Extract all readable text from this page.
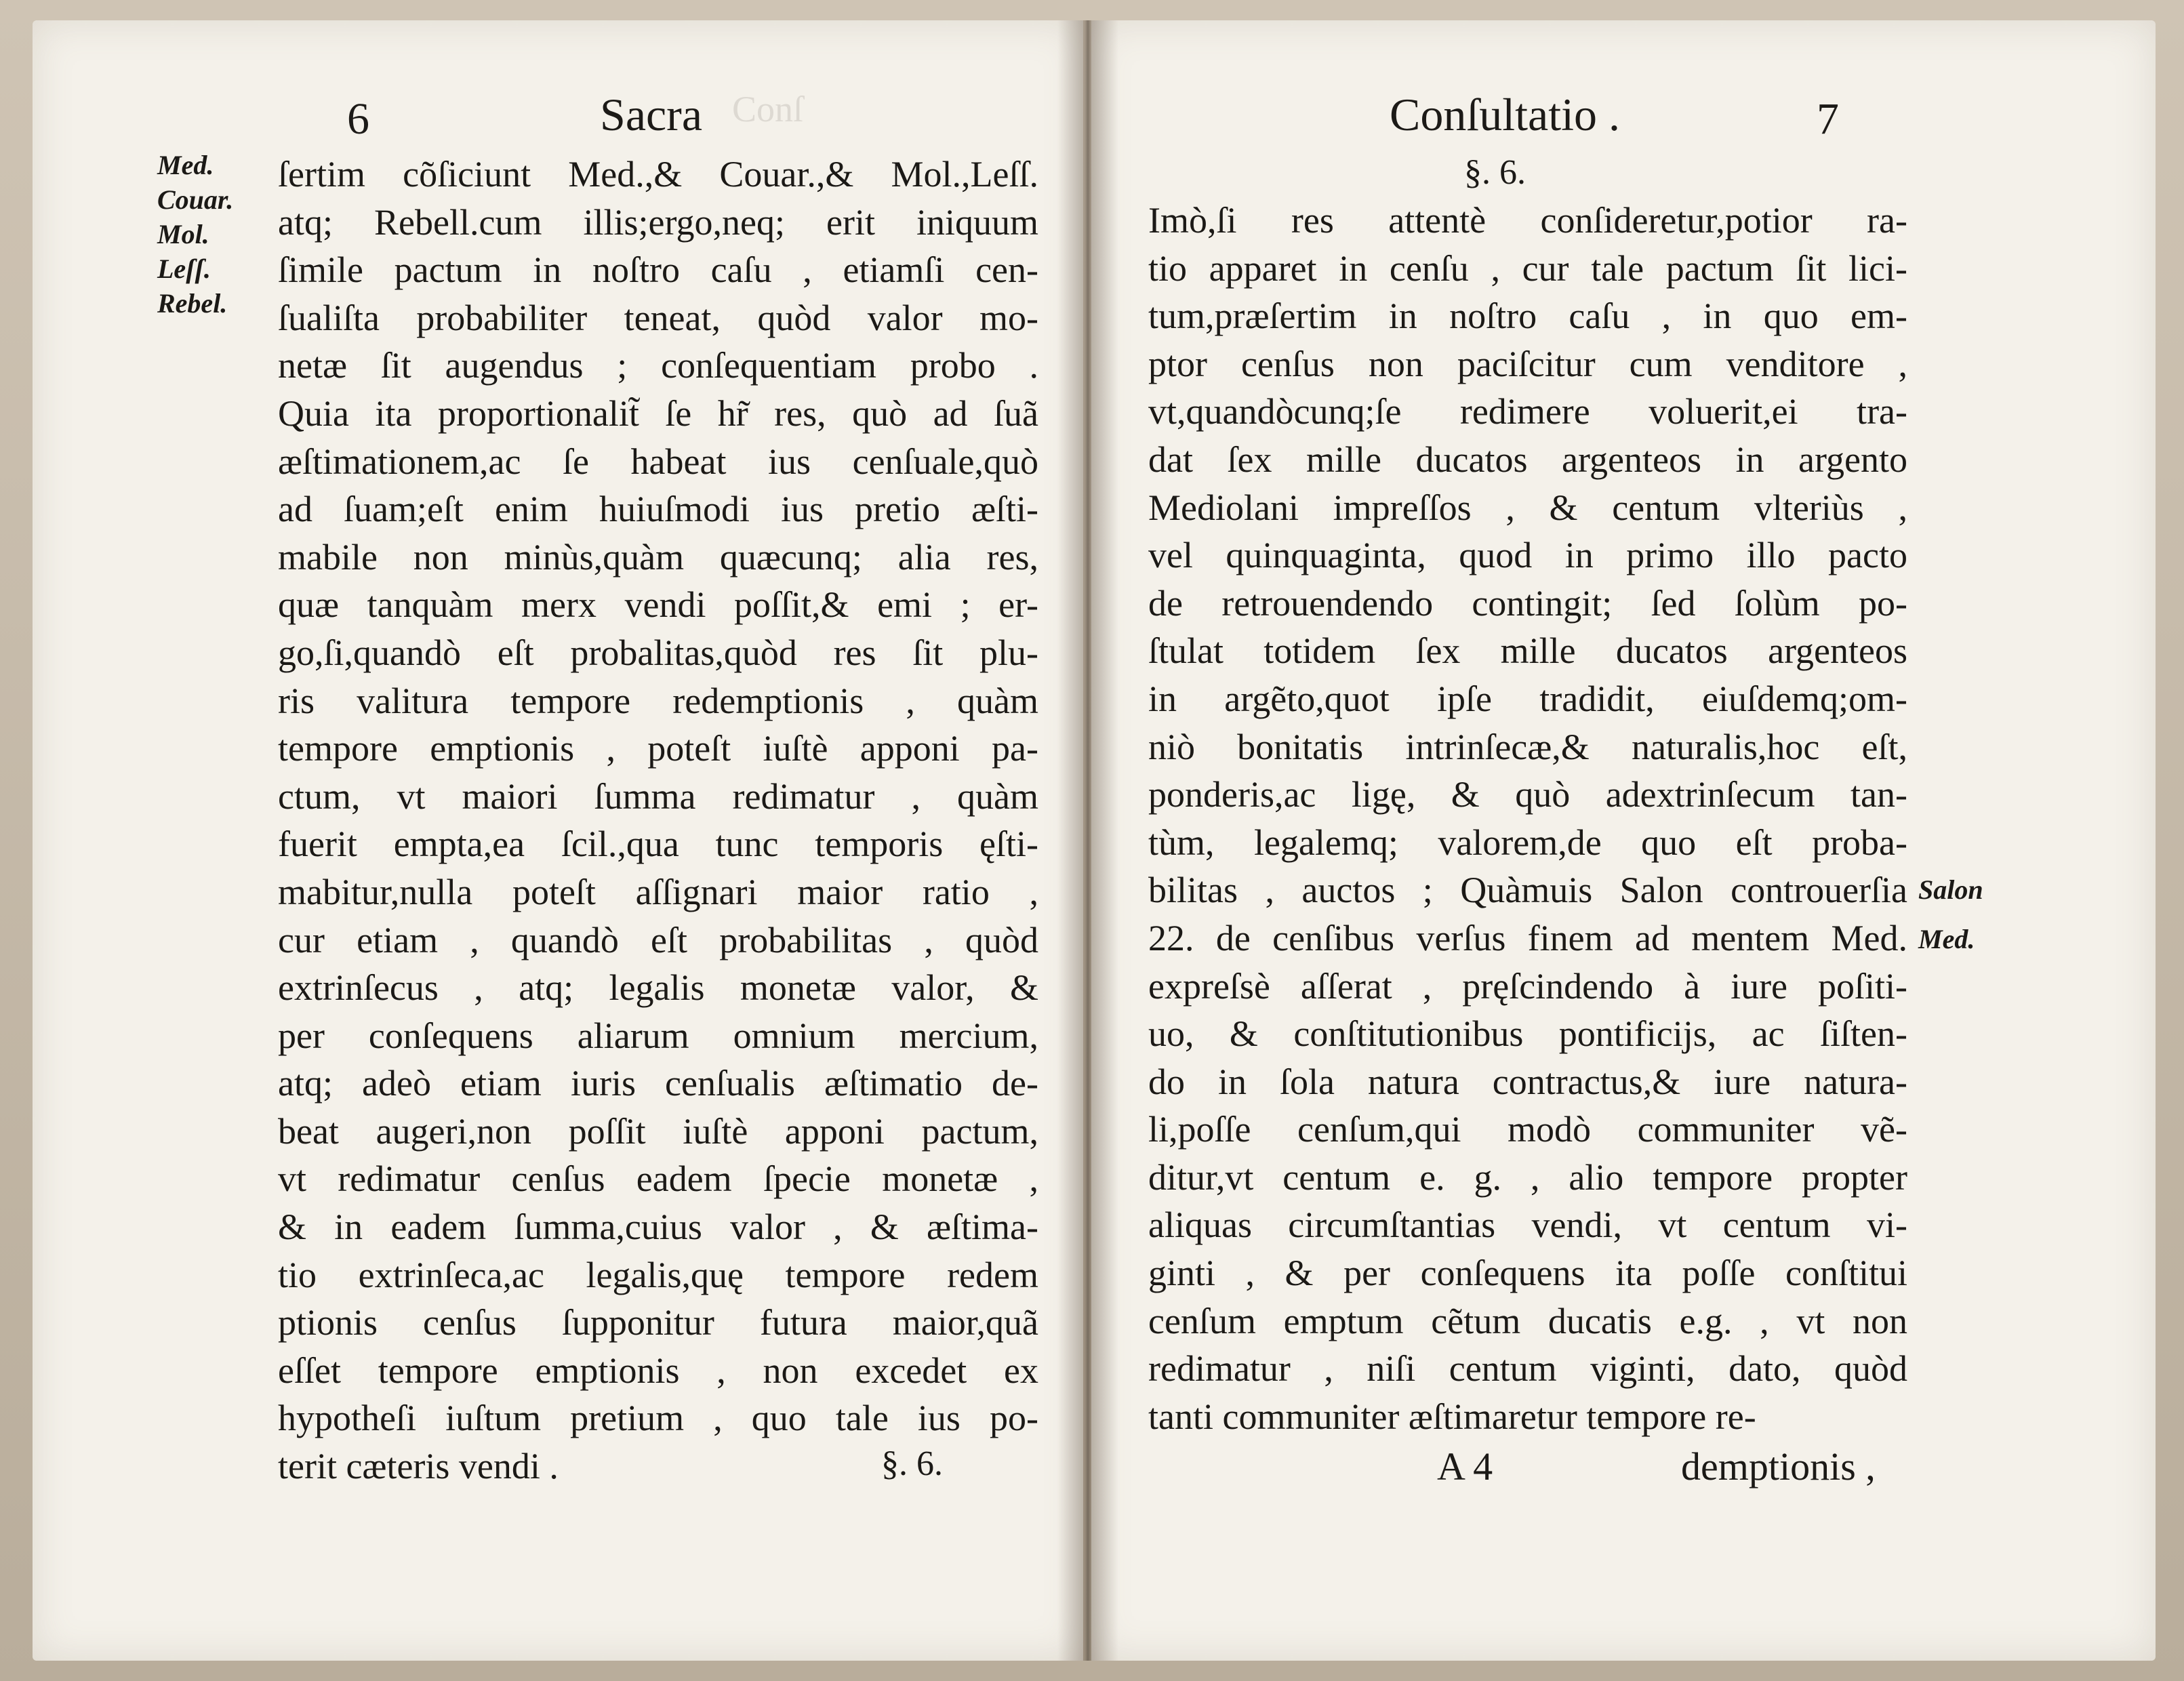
Conſ
6	Sacra
Med.
Couar.
Mol.
Leſſ.
Rebel.
ſertim cõſiciunt Med.,& Couar.,& Mol.,Leſſ.
atq; Rebell.cum illis;ergo,neq; erit iniquum
ſimile pactum in noſtro caſu , etiamſi cen-
ſualiſta probabiliter teneat, quòd valor mo-
netæ ſit augendus ; conſequentiam probo .
Quia ita proportionalit̃ ſe hr̃ res, quò ad ſuã
æſtimationem,ac ſe habeat ius cenſuale,quò
ad ſuam;eſt enim huiuſmodi ius pretio æſti-
mabile non minùs,quàm quæcunq; alia res,
quæ tanquàm merx vendi poſſit,& emi ; er-
go,ſi,quandò eſt probalitas,quòd res ſit plu-
ris valitura tempore redemptionis , quàm
tempore emptionis , poteſt iuſtè apponi pa-
ctum, vt maiori ſumma redimatur , quàm
fuerit empta,ea ſcil.,qua tunc temporis ęſti-
mabitur,nulla poteſt aſſignari maior ratio ,
cur etiam , quandò eſt probabilitas , quòd
extrinſecus , atq; legalis monetæ valor, &
per conſequens aliarum omnium mercium,
atq; adeò etiam iuris cenſualis æſtimatio de-
beat augeri,non poſſit iuſtè apponi pactum,
vt redimatur cenſus eadem ſpecie monetæ ,
& in eadem ſumma,cuius valor , & æſtima-
tio extrinſeca,ac legalis,quę tempore redem
ptionis cenſus ſupponitur futura maior,quã
eſſet tempore emptionis , non excedet ex
hypotheſi iuſtum pretium , quo tale ius po-
terit cæteris vendi .	§. 6.
Conſultatio .	7
§. 6.
Imò,ſi res attentè conſideretur,potior ra-
tio apparet in cenſu , cur tale pactum ſit lici-
tum,præſertim in noſtro caſu , in quo em-
ptor cenſus non paciſcitur cum venditore ,
vt,quandòcunq;ſe redimere voluerit,ei tra-
dat ſex mille ducatos argenteos in argento
Mediolani impreſſos , & centum vlteriùs ,
vel quinquaginta, quod in primo illo pacto
de retrouendendo contingit; ſed ſolùm po-
ſtulat totidem ſex mille ducatos argenteos
in argẽto,quot ipſe tradidit, eiuſdemq;om-
niò bonitatis intrinſecæ,& naturalis,hoc eſt,
ponderis,ac ligę, & quò adextrinſecum tan-
tùm, legalemq; valorem,de quo eſt proba-
bilitas , auctos ; Quàmuis Salon controuerſia
22. de cenſibus verſus finem ad mentem Med.
expreſsè aſſerat , pręſcindendo à iure poſiti-
uo, & conſtitutionibus pontificijs, ac ſiſten-
do in ſola natura contractus,& iure natura-
li,poſſe cenſum,qui modò communiter vẽ-
ditur,vt centum e. g. , alio tempore propter
aliquas circumſtantias vendi, vt centum vi-
ginti , & per conſequens ita poſſe conſtitui
cenſum emptum cẽtum ducatis e.g. , vt non
redimatur , niſi centum viginti, dato, quòd
tanti communiter æſtimaretur tempore re-
Salon
Med.
A 4	demptionis ,
